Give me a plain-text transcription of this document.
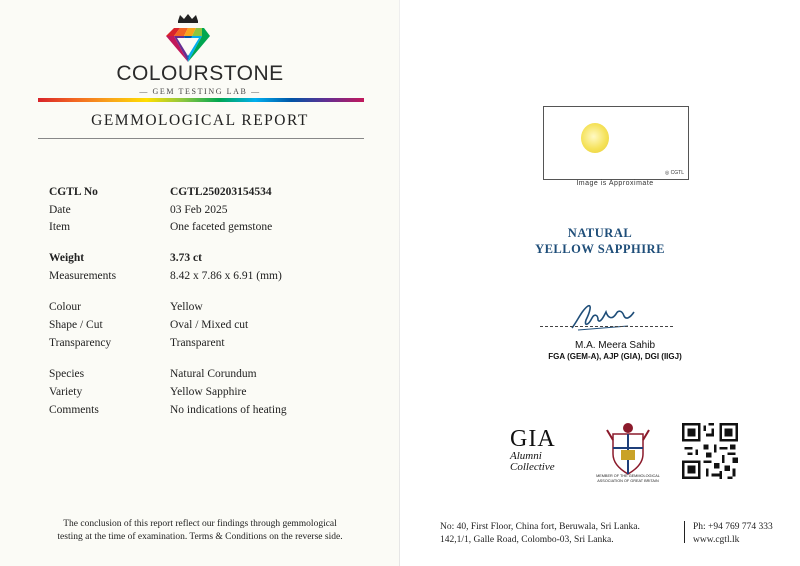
COLOURSTONE
— GEM TESTING LAB —
GEMMOLOGICAL REPORT
CGTL No	CGTL250203154534
Date	03 Feb 2025
Item	One faceted gemstone
Weight	3.73 ct
Measurements	8.42 x 7.86 x 6.91 (mm)
Colour	Yellow
Shape / Cut	Oval / Mixed cut
Transparency	Transparent
Species	Natural Corundum
Variety	Yellow Sapphire
Comments	No indications of heating
The conclusion of this report reflect our findings through gemmological
testing at the time of examination. Terms & Conditions on the reverse side.
◎ CGTL
Image is Approximate
NATURAL
YELLOW SAPPHIRE
M.A. Meera Sahib
FGA (GEM-A), AJP (GIA), DGI (IIGJ)
GIA
Alumni
Collective
MEMBER OF THE GEMMOLOGICAL
ASSOCIATION OF GREAT BRITAIN
No: 40, First Floor, China fort, Beruwala, Sri Lanka.
142,1/1, Galle Road, Colombo-03, Sri Lanka.
Ph: +94 769 774 333
www.cgtl.lk
